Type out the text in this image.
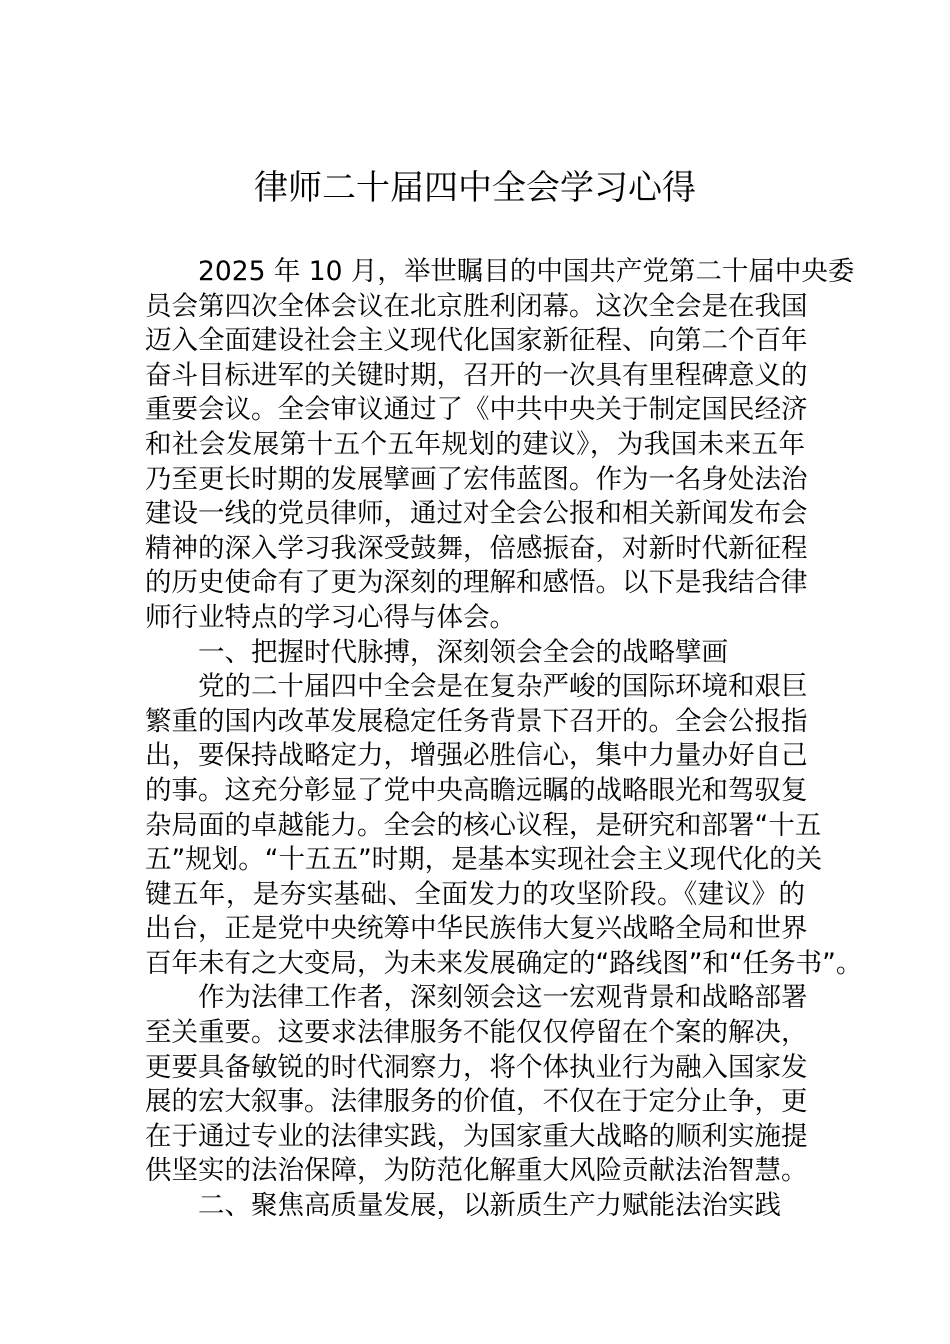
律师二十届四中全会学习心得
2025 年 10 月，举世瞩目的中国共产党第二十届中央委
员会第四次全体会议在北京胜利闭幕。这次全会是在我国
迈入全面建设社会主义现代化国家新征程、向第二个百年
奋斗目标进军的关键时期，召开的一次具有里程碑意义的
重要会议。全会审议通过了《中共中央关于制定国民经济
和社会发展第十五个五年规划的建议》，为我国未来五年
乃至更长时期的发展擘画了宏伟蓝图。作为一名身处法治
建设一线的党员律师，通过对全会公报和相关新闻发布会
精神的深入学习我深受鼓舞，倍感振奋，对新时代新征程
的历史使命有了更为深刻的理解和感悟。以下是我结合律
师行业特点的学习心得与体会。
一、把握时代脉搏，深刻领会全会的战略擘画
党的二十届四中全会是在复杂严峻的国际环境和艰巨
繁重的国内改革发展稳定任务背景下召开的。全会公报指
出，要保持战略定力，增强必胜信心，集中力量办好自己
的事。这充分彰显了党中央高瞻远瞩的战略眼光和驾驭复
杂局面的卓越能力。全会的核心议程，是研究和部署“十五
五”规划。“十五五”时期，是基本实现社会主义现代化的关
键五年，是夯实基础、全面发力的攻坚阶段。《建议》的
出台，正是党中央统筹中华民族伟大复兴战略全局和世界
百年未有之大变局，为未来发展确定的“路线图”和“任务书”。
作为法律工作者，深刻领会这一宏观背景和战略部署
至关重要。这要求法律服务不能仅仅停留在个案的解决，
更要具备敏锐的时代洞察力，将个体执业行为融入国家发
展的宏大叙事。法律服务的价值，不仅在于定分止争，更
在于通过专业的法律实践，为国家重大战略的顺利实施提
供坚实的法治保障，为防范化解重大风险贡献法治智慧。
二、聚焦高质量发展，以新质生产力赋能法治实践
